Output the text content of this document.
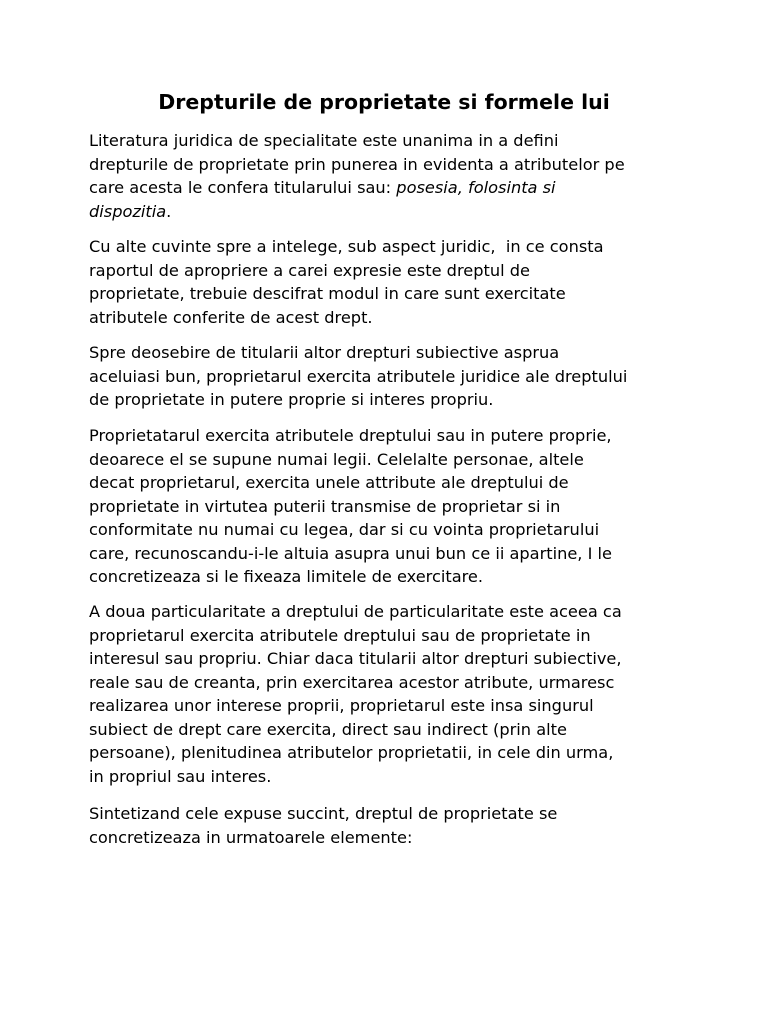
Drepturile de proprietate si formele lui
Literatura juridica de specialitate este unanima in a defini
drepturile de proprietate prin punerea in evidenta a atributelor pe
care acesta le confera titularului sau: posesia, folosinta si
dispozitia.
Cu alte cuvinte spre a intelege, sub aspect juridic,  in ce consta
raportul de apropriere a carei expresie este dreptul de
proprietate, trebuie descifrat modul in care sunt exercitate
atributele conferite de acest drept.
Spre deosebire de titularii altor drepturi subiective asprua
aceluiasi bun, proprietarul exercita atributele juridice ale dreptului
de proprietate in putere proprie si interes propriu.
Proprietatarul exercita atributele dreptului sau in putere proprie,
deoarece el se supune numai legii. Celelalte personae, altele
decat proprietarul, exercita unele attribute ale dreptului de
proprietate in virtutea puterii transmise de proprietar si in
conformitate nu numai cu legea, dar si cu vointa proprietarului
care, recunoscandu-i-le altuia asupra unui bun ce ii apartine, I le
concretizeaza si le fixeaza limitele de exercitare.
A doua particularitate a dreptului de particularitate este aceea ca
proprietarul exercita atributele dreptului sau de proprietate in
interesul sau propriu. Chiar daca titularii altor drepturi subiective,
reale sau de creanta, prin exercitarea acestor atribute, urmaresc
realizarea unor interese proprii, proprietarul este insa singurul
subiect de drept care exercita, direct sau indirect (prin alte
persoane), plenitudinea atributelor proprietatii, in cele din urma,
in propriul sau interes.
Sintetizand cele expuse succint, dreptul de proprietate se
concretizeaza in urmatoarele elemente:
